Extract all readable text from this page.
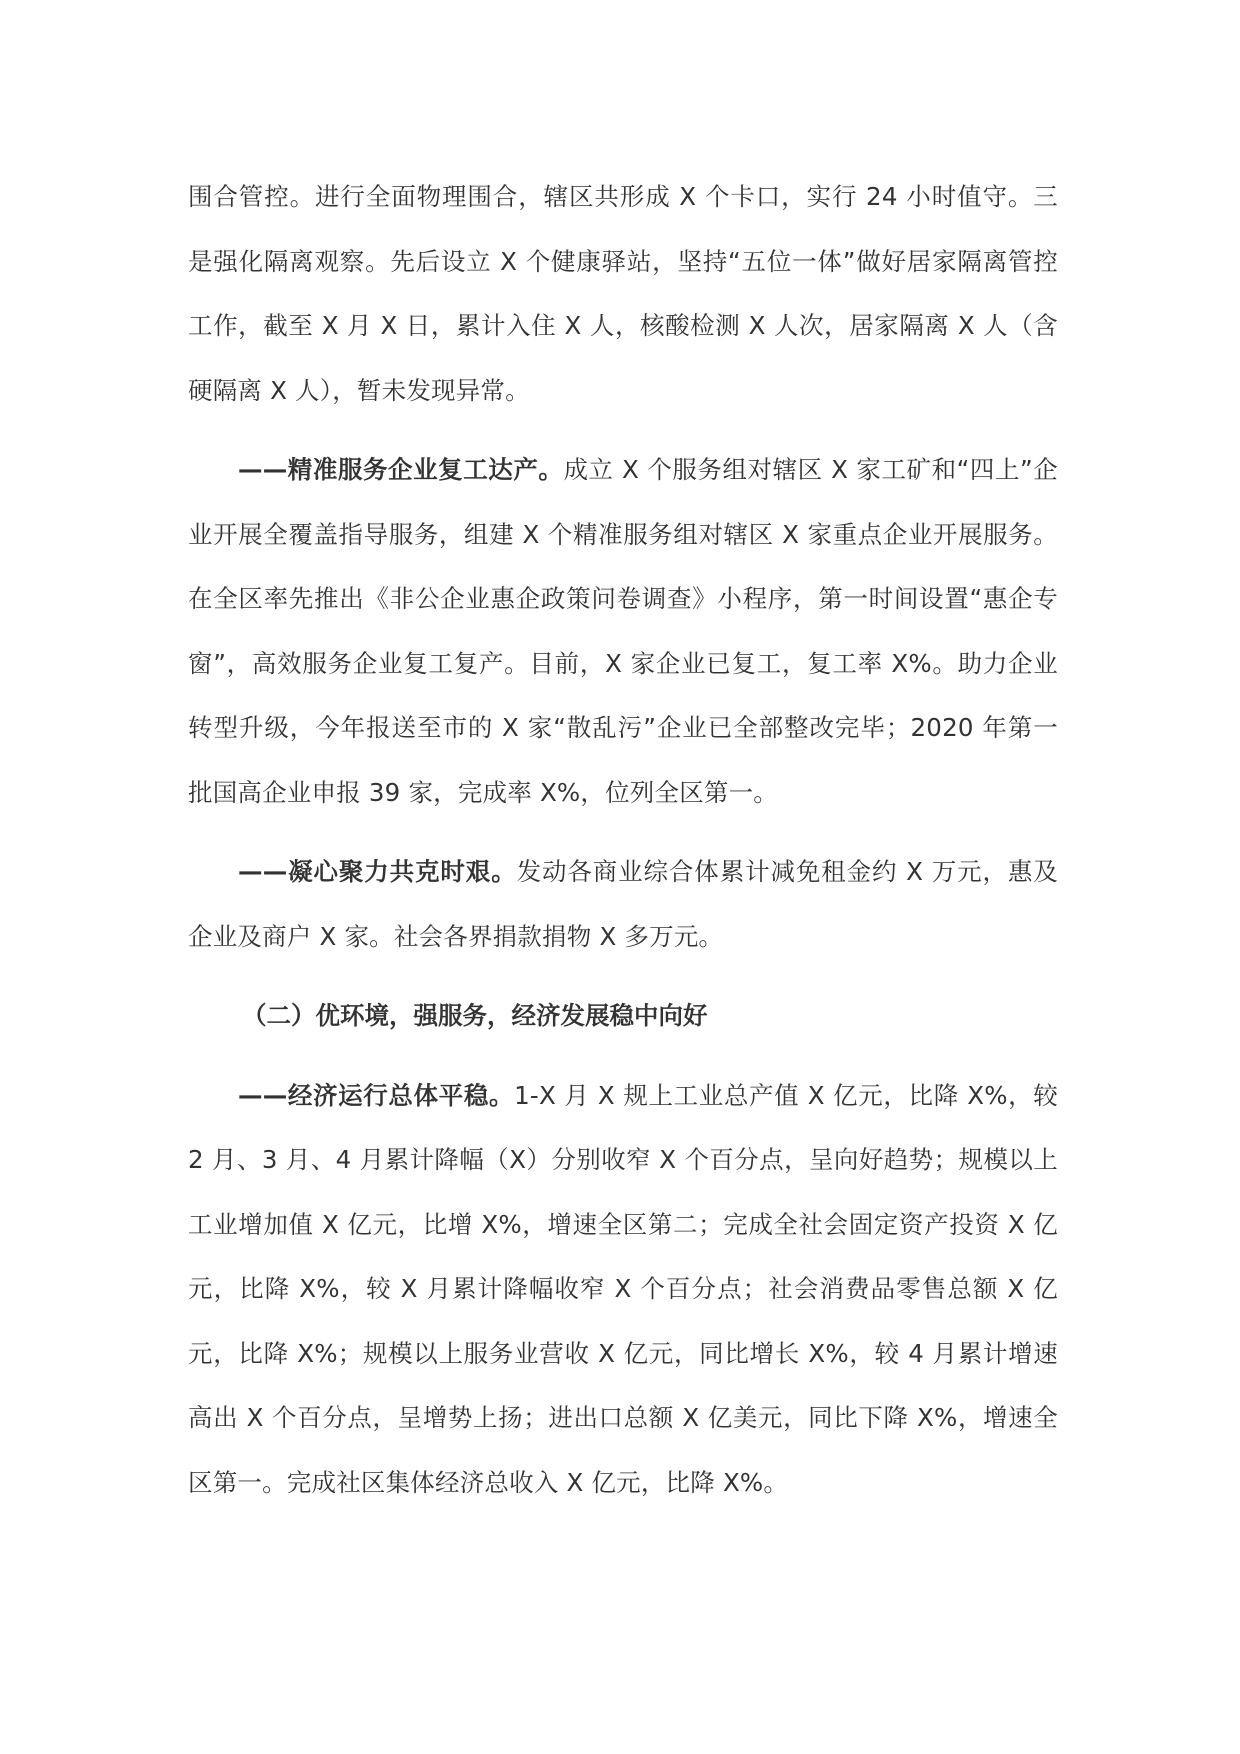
围合管控。进行全面物理围合，辖区共形成 X 个卡口，实行 24 小时值守。三是强化隔离观察。先后设立 X 个健康驿站，坚持“五位一体”做好居家隔离管控工作，截至 X 月 X 日，累计入住 X 人，核酸检测 X 人次，居家隔离 X 人（含硬隔离 X 人），暂未发现异常。

——精准服务企业复工达产。成立 X 个服务组对辖区 X 家工矿和“四上”企业开展全覆盖指导服务，组建 X 个精准服务组对辖区 X 家重点企业开展服务。在全区率先推出《非公企业惠企政策问卷调查》小程序，第一时间设置“惠企专窗”，高效服务企业复工复产。目前，X 家企业已复工，复工率 X%。助力企业转型升级，今年报送至市的 X 家“散乱污”企业已全部整改完毕；2020 年第一批国高企业申报 39 家，完成率 X%，位列全区第一。

——凝心聚力共克时艰。发动各商业综合体累计减免租金约 X 万元，惠及企业及商户 X 家。社会各界捐款捐物 X 多万元。

（二）优环境，强服务，经济发展稳中向好

——经济运行总体平稳。1-X 月 X 规上工业总产值 X 亿元，比降 X%，较 2 月、3 月、4 月累计降幅（X）分别收窄 X 个百分点，呈向好趋势；规模以上工业增加值 X 亿元，比增 X%，增速全区第二；完成全社会固定资产投资 X 亿元，比降 X%，较 X 月累计降幅收窄 X 个百分点；社会消费品零售总额 X 亿元，比降 X%；规模以上服务业营收 X 亿元，同比增长 X%，较 4 月累计增速高出 X 个百分点，呈增势上扬；进出口总额 X 亿美元，同比下降 X%，增速全区第一。完成社区集体经济总收入 X 亿元，比降 X%。
